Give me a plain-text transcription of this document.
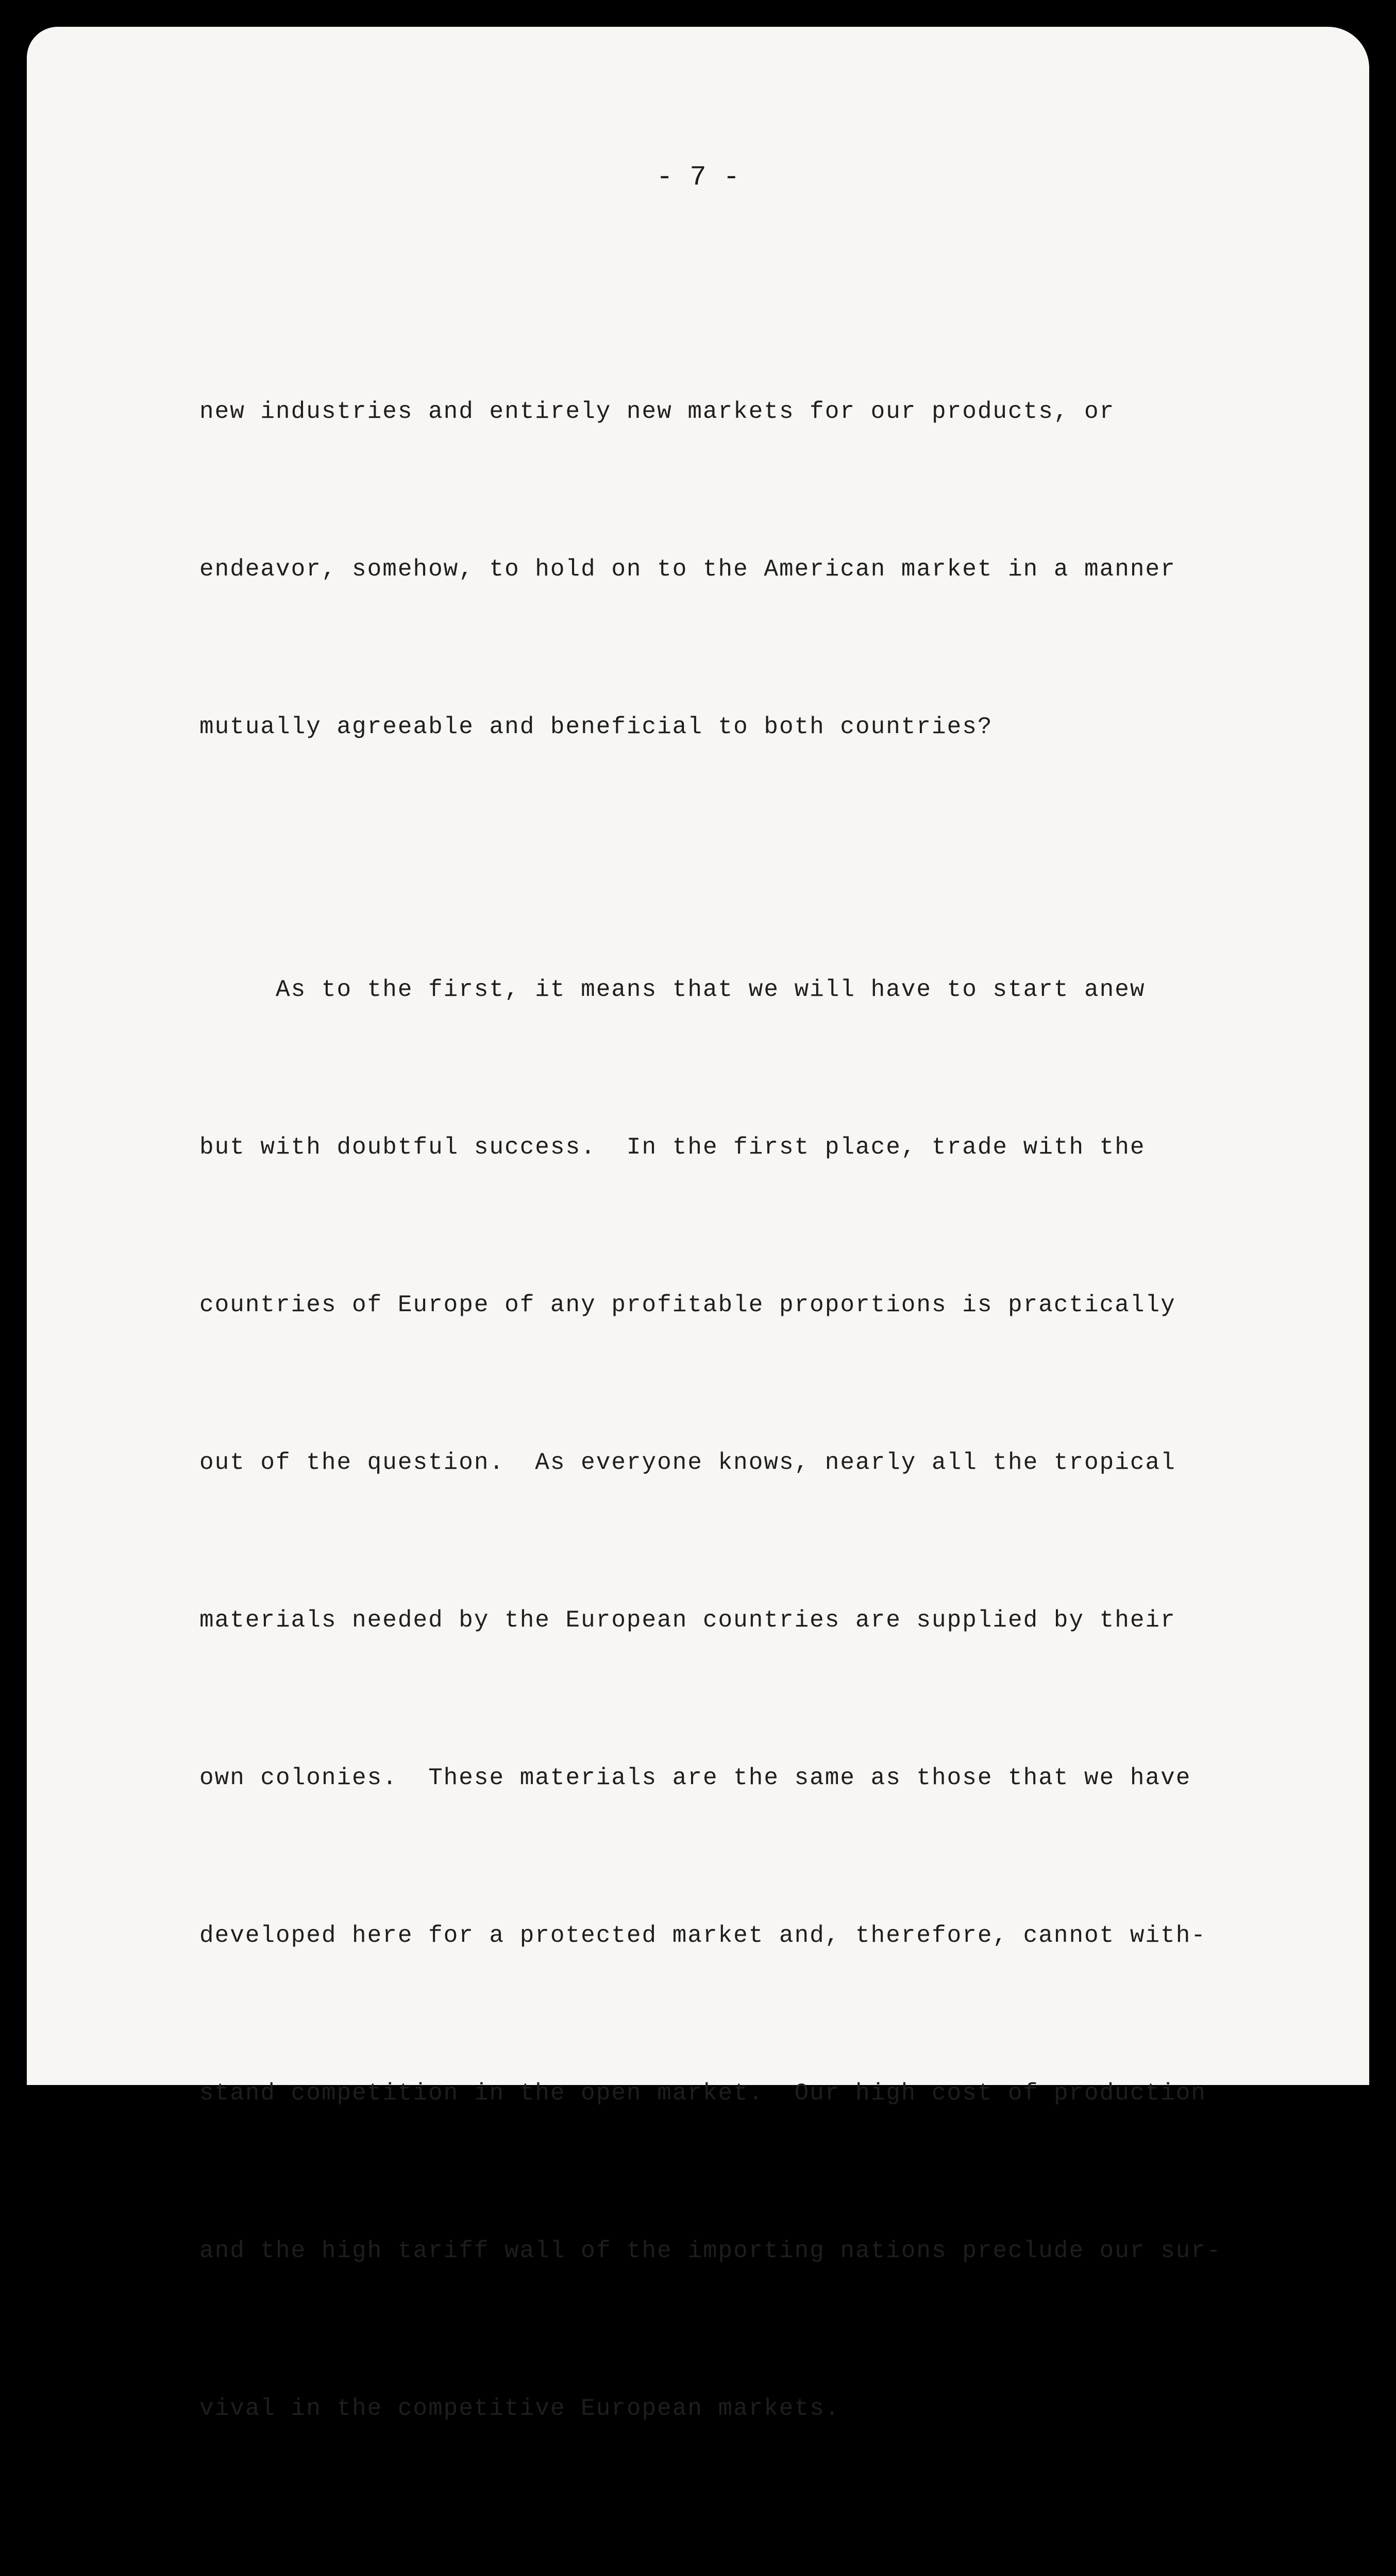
- 7 -

new industries and entirely new markets for our products, or

endeavor, somehow, to hold on to the American market in a manner

mutually agreeable and beneficial to both countries?

As to the first, it means that we will have to start anew

but with doubtful success.  In the first place, trade with the

countries of Europe of any profitable proportions is practically

out of the question.  As everyone knows, nearly all the tropical

materials needed by the European countries are supplied by their

own colonies.  These materials are the same as those that we have

developed here for a protected market and, therefore, cannot with-

stand competition in the open market.  Our high cost of production

and the high tariff wall of the importing nations preclude our sur-

vival in the competitive European markets.
